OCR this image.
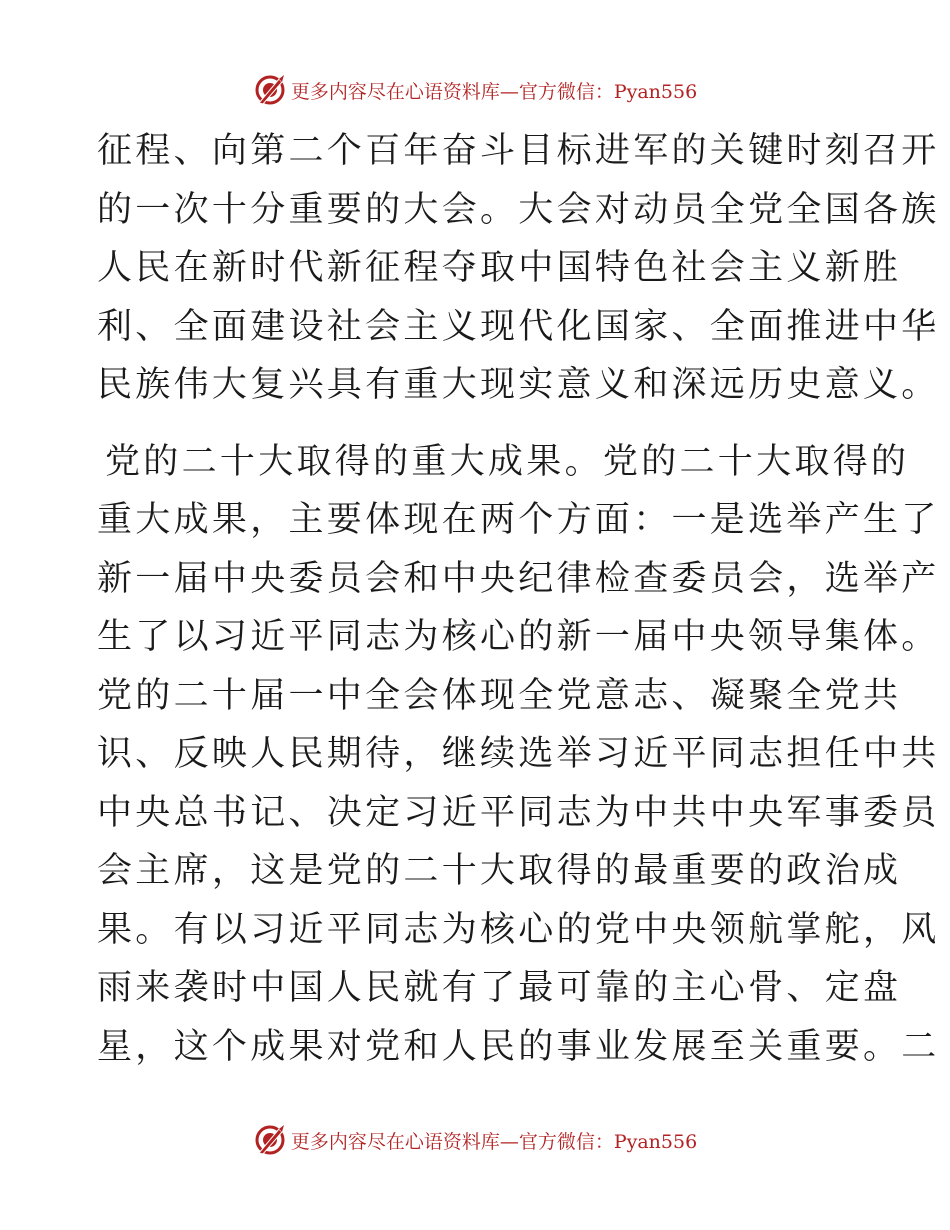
更多内容尽在心语资料库—官方微信：Pyan556
征程、向第二个百年奋斗目标进军的关键时刻召开
的一次十分重要的大会。大会对动员全党全国各族
人民在新时代新征程夺取中国特色社会主义新胜
利、全面建设社会主义现代化国家、全面推进中华
民族伟大复兴具有重大现实意义和深远历史意义。
党的二十大取得的重大成果。党的二十大取得的
重大成果，主要体现在两个方面：一是选举产生了
新一届中央委员会和中央纪律检查委员会，选举产
生了以习近平同志为核心的新一届中央领导集体。
党的二十届一中全会体现全党意志、凝聚全党共
识、反映人民期待，继续选举习近平同志担任中共
中央总书记、决定习近平同志为中共中央军事委员
会主席，这是党的二十大取得的最重要的政治成
果。有以习近平同志为核心的党中央领航掌舵，风
雨来袭时中国人民就有了最可靠的主心骨、定盘
星，这个成果对党和人民的事业发展至关重要。二
更多内容尽在心语资料库—官方微信：Pyan556
